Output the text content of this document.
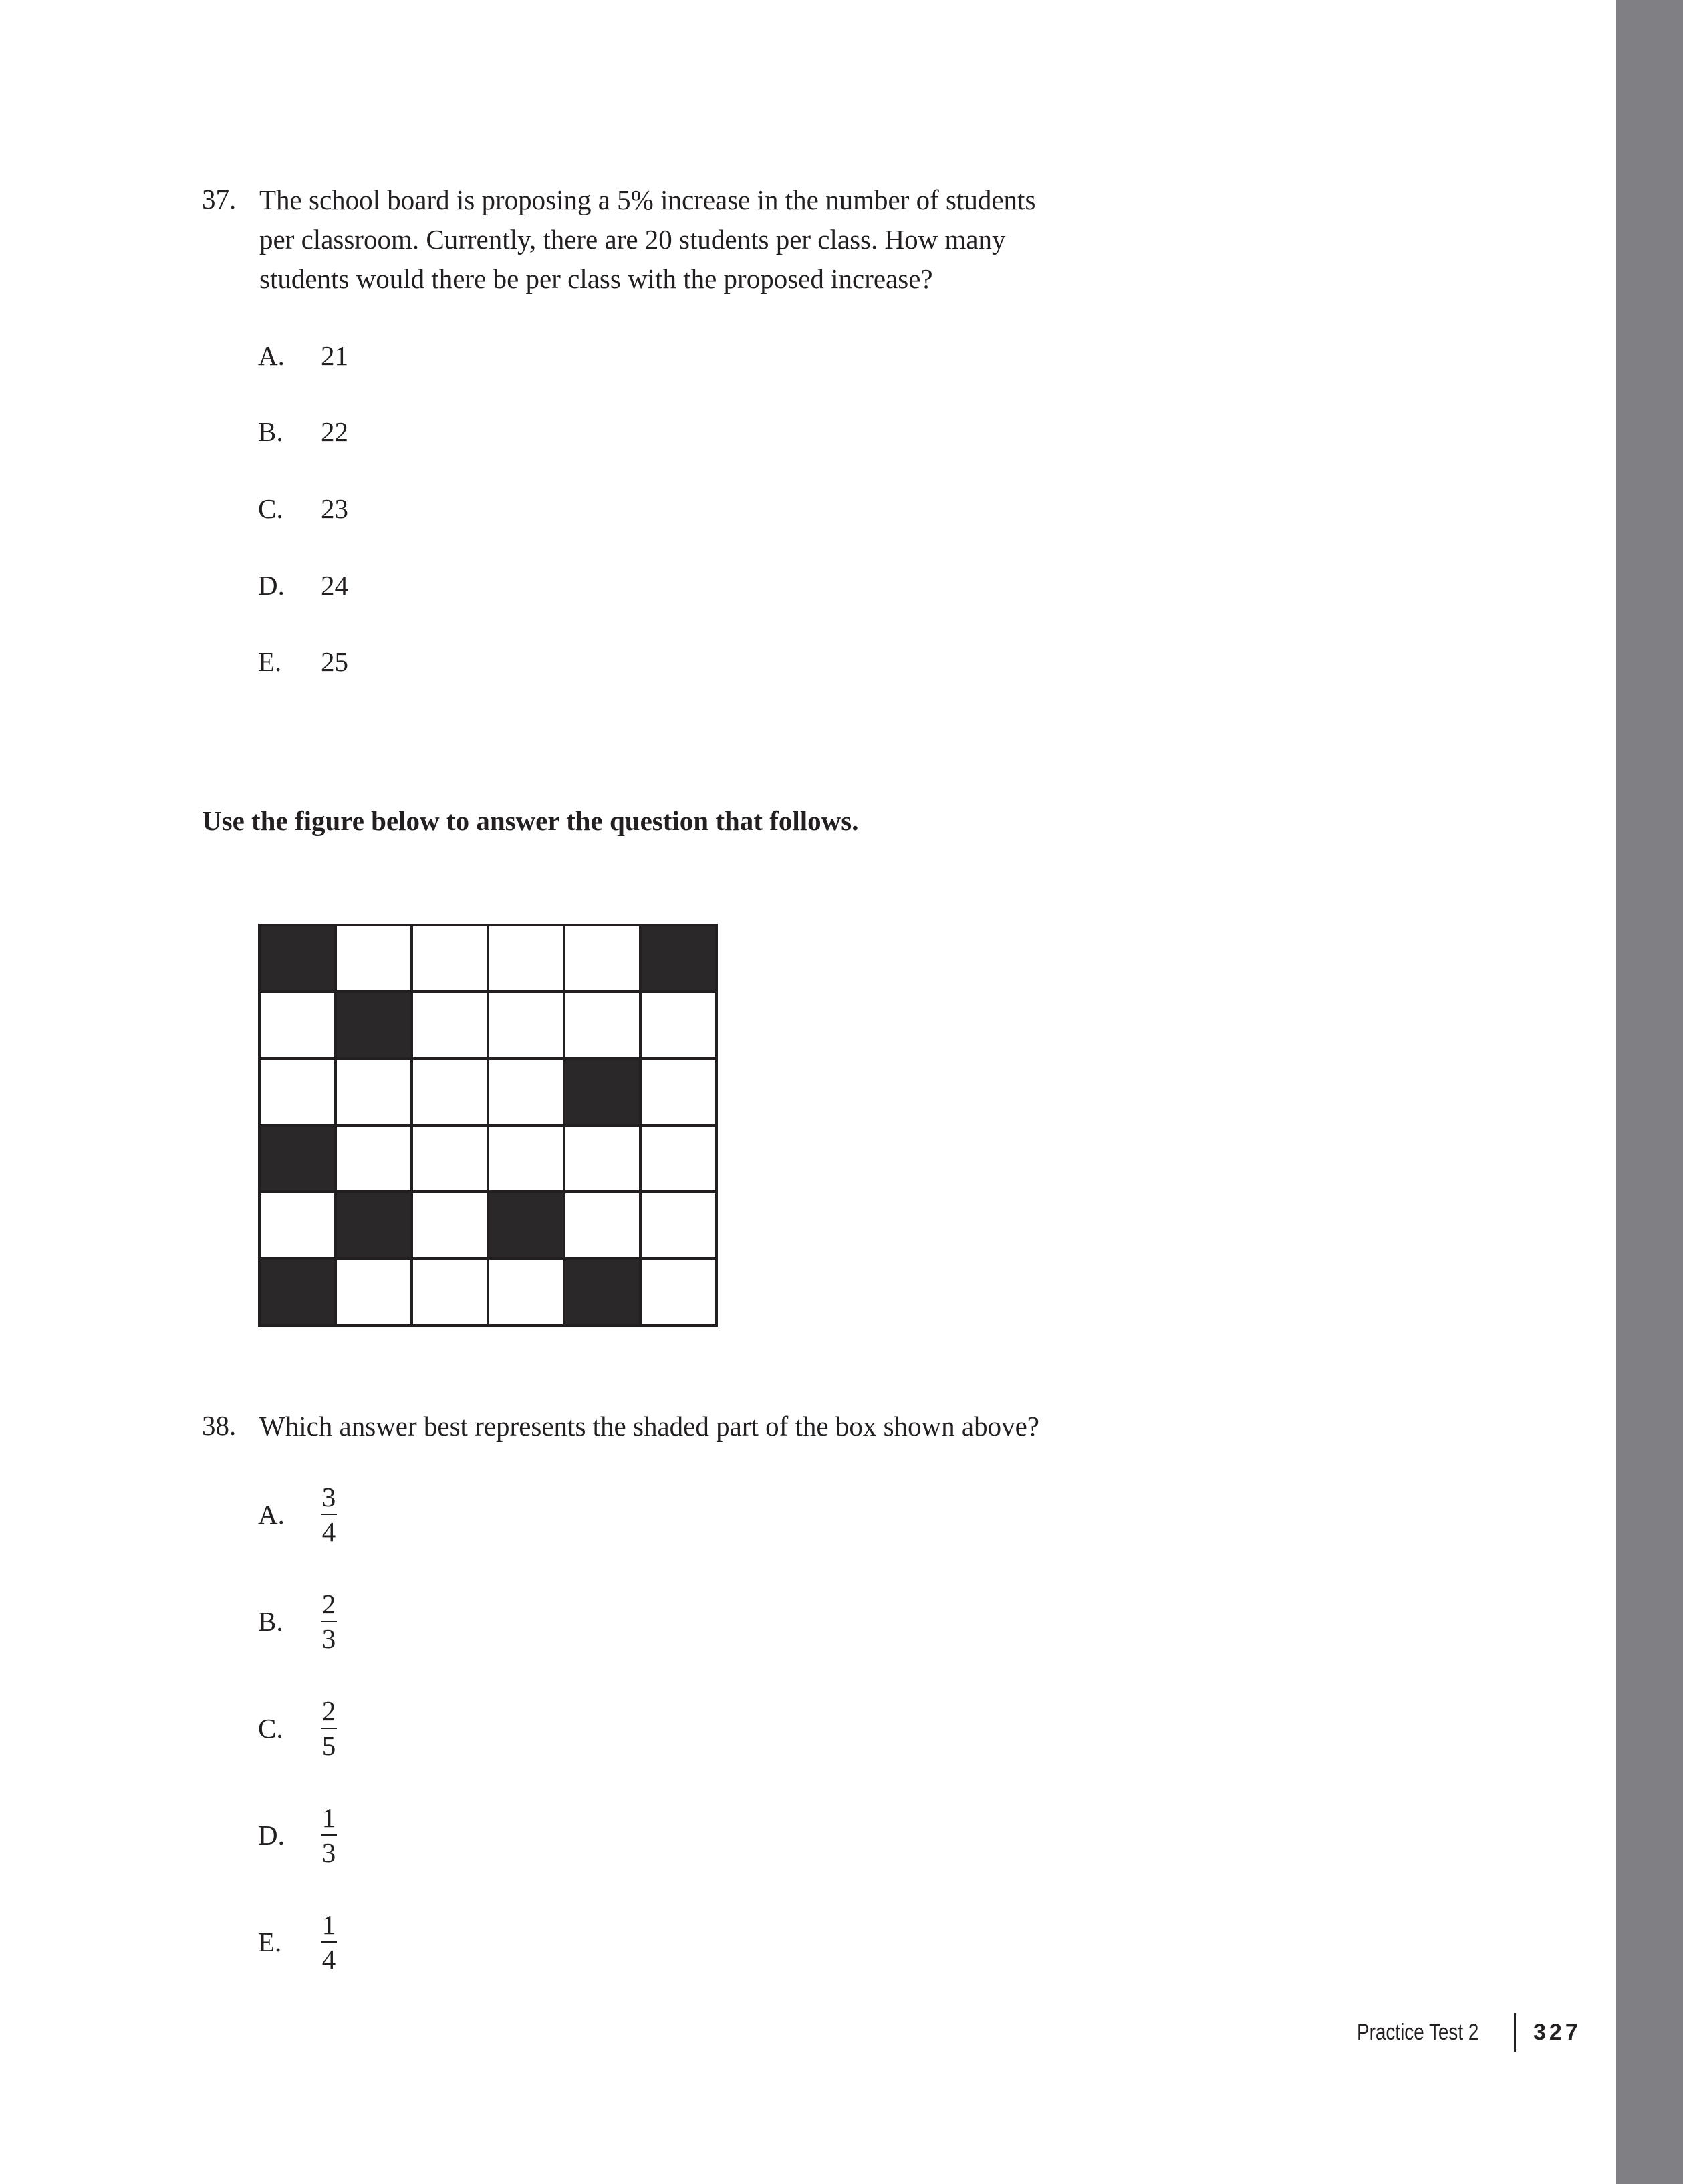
37. The school board is proposing a 5% increase in the number of students
per classroom. Currently, there are 20 students per class. How many
students would there be per class with the proposed increase?
A.	21
B.	22
C.	23
D.	24
E.	25
Use the figure below to answer the question that follows.
38. Which answer best represents the shaded part of the box shown above?
A.	$\frac{3}{4}$
B.	$\frac{2}{3}$
C.	$\frac{2}{5}$
D.	$\frac{1}{3}$
E.	$\frac{1}{4}$
Practice Test 2 327
